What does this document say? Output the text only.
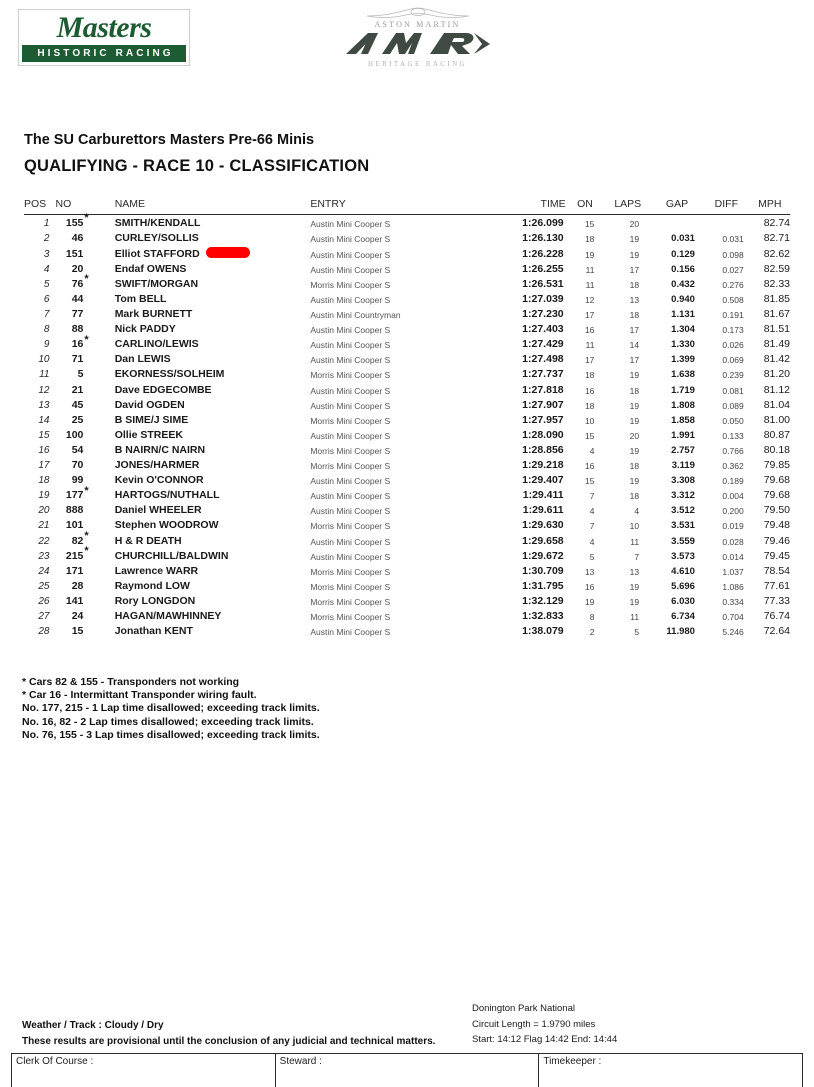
Masters
HISTORIC RACING
ASTON MARTIN
HERITAGE RACING
The SU Carburettors Masters Pre-66 Minis
QUALIFYING - RACE 10 - CLASSIFICATION
POS	NO	NAME	ENTRY	TIME	ON	LAPS	GAP	DIFF	MPH
1	155*	SMITH/KENDALL	Austin Mini Cooper S	1:26.099	15	20			82.74
2	46	CURLEY/SOLLIS	Austin Mini Cooper S	1:26.130	18	19	0.031	0.031	82.71
3	151	Elliot STAFFORD	Austin Mini Cooper S	1:26.228	19	19	0.129	0.098	82.62
4	20	Endaf OWENS	Austin Mini Cooper S	1:26.255	11	17	0.156	0.027	82.59
5	76*	SWIFT/MORGAN	Morris Mini Cooper S	1:26.531	11	18	0.432	0.276	82.33
6	44	Tom BELL	Austin Mini Cooper S	1:27.039	12	13	0.940	0.508	81.85
7	77	Mark BURNETT	Austin Mini Countryman	1:27.230	17	18	1.131	0.191	81.67
8	88	Nick PADDY	Austin Mini Cooper S	1:27.403	16	17	1.304	0.173	81.51
9	16*	CARLINO/LEWIS	Austin Mini Cooper S	1:27.429	11	14	1.330	0.026	81.49
10	71	Dan LEWIS	Austin Mini Cooper S	1:27.498	17	17	1.399	0.069	81.42
11	5	EKORNESS/SOLHEIM	Morris Mini Cooper S	1:27.737	18	19	1.638	0.239	81.20
12	21	Dave EDGECOMBE	Austin Mini Cooper S	1:27.818	16	18	1.719	0.081	81.12
13	45	David OGDEN	Austin Mini Cooper S	1:27.907	18	19	1.808	0.089	81.04
14	25	B SIME/J SIME	Morris Mini Cooper S	1:27.957	10	19	1.858	0.050	81.00
15	100	Ollie STREEK	Austin Mini Cooper S	1:28.090	15	20	1.991	0.133	80.87
16	54	B NAIRN/C NAIRN	Morris Mini Cooper S	1:28.856	4	19	2.757	0.766	80.18
17	70	JONES/HARMER	Morris Mini Cooper S	1:29.218	16	18	3.119	0.362	79.85
18	99	Kevin O'CONNOR	Austin Mini Cooper S	1:29.407	15	19	3.308	0.189	79.68
19	177*	HARTOGS/NUTHALL	Austin Mini Cooper S	1:29.411	7	18	3.312	0.004	79.68
20	888	Daniel WHEELER	Austin Mini Cooper S	1:29.611	4	4	3.512	0.200	79.50
21	101	Stephen WOODROW	Morris Mini Cooper S	1:29.630	7	10	3.531	0.019	79.48
22	82*	H & R DEATH	Austin Mini Cooper S	1:29.658	4	11	3.559	0.028	79.46
23	215*	CHURCHILL/BALDWIN	Austin Mini Cooper S	1:29.672	5	7	3.573	0.014	79.45
24	171	Lawrence WARR	Morris Mini Cooper S	1:30.709	13	13	4.610	1.037	78.54
25	28	Raymond LOW	Morris Mini Cooper S	1:31.795	16	19	5.696	1.086	77.61
26	141	Rory LONGDON	Morris Mini Cooper S	1:32.129	19	19	6.030	0.334	77.33
27	24	HAGAN/MAWHINNEY	Morris Mini Cooper S	1:32.833	8	11	6.734	0.704	76.74
28	15	Jonathan KENT	Austin Mini Cooper S	1:38.079	2	5	11.980	5.246	72.64
* Cars 82 & 155 - Transponders not working
* Car 16 - Intermittant Transponder wiring fault.
No. 177, 215 - 1 Lap time disallowed; exceeding track limits.
No. 16, 82 - 2 Lap times disallowed; exceeding track limits.
No. 76, 155 - 3 Lap times disallowed; exceeding track limits.
Donington Park National
Circuit Length = 1.9790 miles
Start: 14:12 Flag 14:42 End: 14:44
Weather / Track : Cloudy / Dry
These results are provisional until the conclusion of any judicial and technical matters.
Clerk Of Course :	Steward :	Timekeeper :
